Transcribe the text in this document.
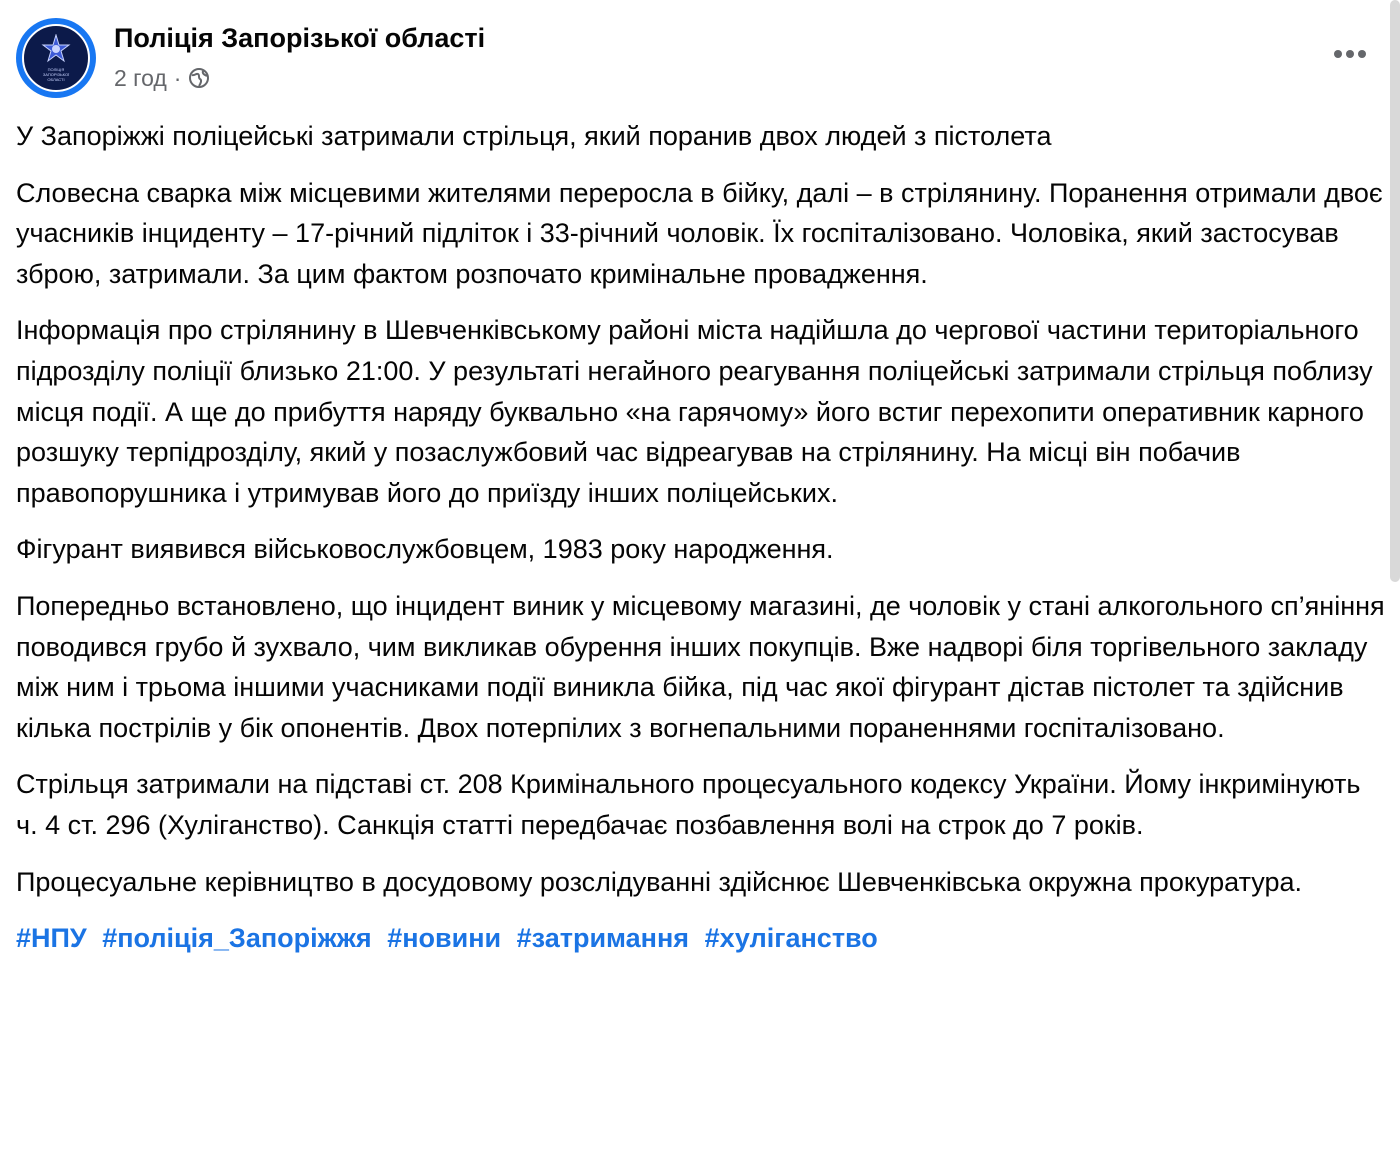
ПОЛІЦІЯ ЗАПОРІЗЬКОЇ ОБЛАСТІ
Поліція Запорізької області
2 год ·

У Запоріжжі поліцейські затримали стрільця, який поранив двох людей з пістолета

Словесна сварка між місцевими жителями переросла в бійку, далі – в стрілянину. Поранення отримали двоє учасників інциденту – 17-річний підліток і 33-річний чоловік. Їх госпіталізовано. Чоловіка, який застосував зброю, затримали. За цим фактом розпочато кримінальне провадження.

Інформація про стрілянину в Шевченківському районі міста надійшла до чергової частини територіального підрозділу поліції близько 21:00. У результаті негайного реагування поліцейські затримали стрільця поблизу місця події. А ще до прибуття наряду буквально «на гарячому» його встиг перехопити оперативник карного розшуку терпідрозділу, який у позаслужбовий час відреагував на стрілянину. На місці він побачив правопорушника і утримував його до приїзду інших поліцейських.

Фігурант виявився військовослужбовцем, 1983 року народження.

Попередньо встановлено, що інцидент виник у місцевому магазині, де чоловік у стані алкогольного сп’яніння поводився грубо й зухвало, чим викликав обурення інших покупців. Вже надворі біля торгівельного закладу між ним і трьома іншими учасниками події виникла бійка, під час якої фігурант дістав пістолет та здійснив кілька пострілів у бік опонентів. Двох потерпілих з вогнепальними пораненнями госпіталізовано.

Стрільця затримали на підставі ст. 208 Кримінального процесуального кодексу України. Йому інкримінують ч. 4 ст. 296 (Хуліганство). Санкція статті передбачає позбавлення волі на строк до 7 років.

Процесуальне керівництво в досудовому розслідуванні здійснює Шевченківська окружна прокуратура.

#НПУ #поліція_Запоріжжя #новини #затримання #хуліганство
